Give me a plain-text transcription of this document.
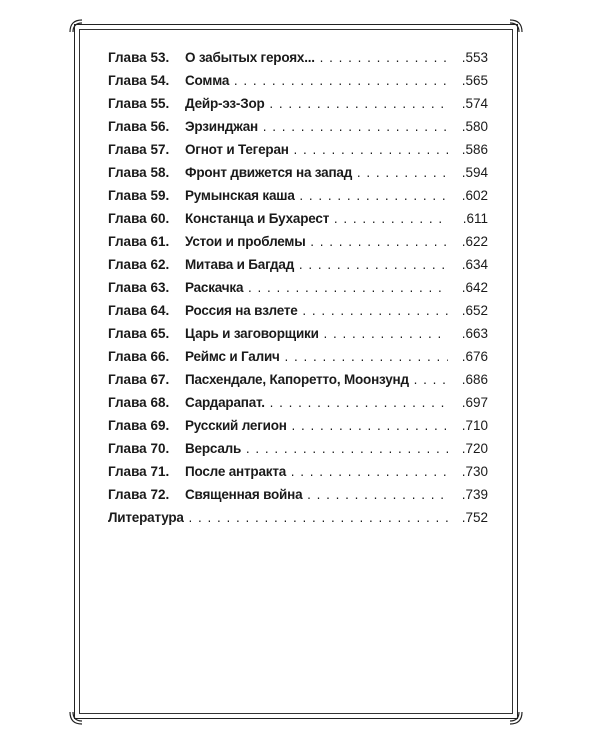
Глава 53.	О забытых героях... . . .	.553
Глава 54.	Сомма . . .	.565
Глава 55.	Дейр-эз-Зор . . .	.574
Глава 56.	Эрзинджан . . .	.580
Глава 57.	Огнот и Тегеран . . .	.586
Глава 58.	Фронт движется на запад . . .	.594
Глава 59.	Румынская каша . . .	.602
Глава 60.	Констанца и Бухарест . . .	.611
Глава 61.	Устои и проблемы . . .	.622
Глава 62.	Митава и Багдад . . .	.634
Глава 63.	Раскачка . . .	.642
Глава 64.	Россия на взлете . . .	.652
Глава 65.	Царь и заговорщики . . .	.663
Глава 66.	Реймс и Галич . . .	.676
Глава 67.	Пасхендале, Капоретто, Моонзунд . . .	.686
Глава 68.	Сардарапат. . . .	.697
Глава 69.	Русский легион . . .	.710
Глава 70.	Версаль . . .	.720
Глава 71.	После антракта . . .	.730
Глава 72.	Священная война . . .	.739
Литература . . .	.752
